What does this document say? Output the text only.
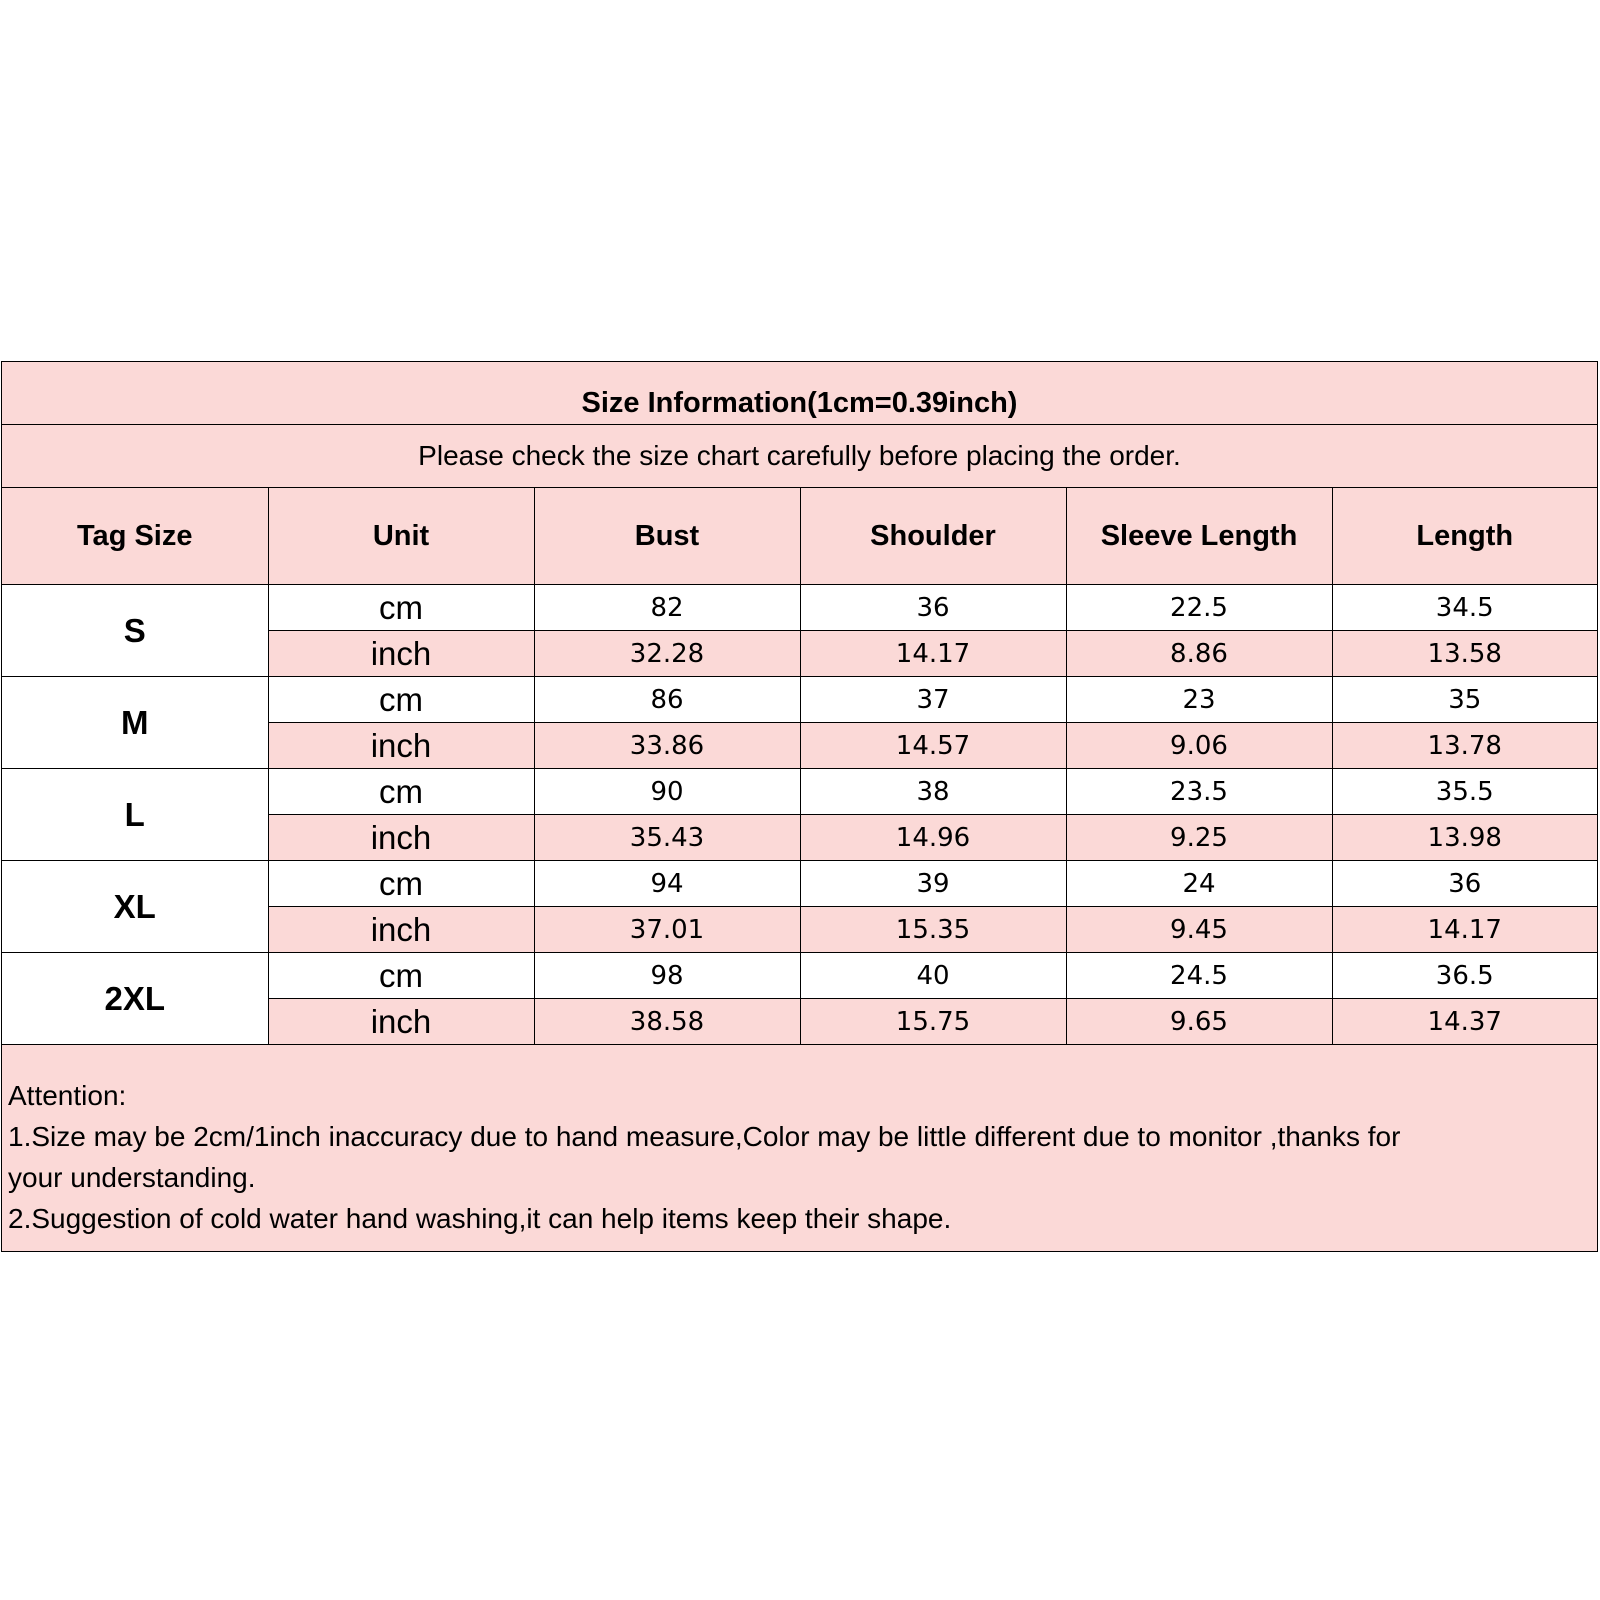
Size Information(1cm=0.39inch)
Please check the size chart carefully before placing the order.
Tag Size	Unit	Bust	Shoulder	Sleeve Length	Length
S	cm	82	36	22.5	34.5
	inch	32.28	14.17	8.86	13.58
M	cm	86	37	23	35
	inch	33.86	14.57	9.06	13.78
L	cm	90	38	23.5	35.5
	inch	35.43	14.96	9.25	13.98
XL	cm	94	39	24	36
	inch	37.01	15.35	9.45	14.17
2XL	cm	98	40	24.5	36.5
	inch	38.58	15.75	9.65	14.37
Attention:
1.Size may be 2cm/1inch inaccuracy due to hand measure,Color may be little different due to monitor ,thanks for
your understanding.
2.Suggestion of cold water hand washing,it can help items keep their shape.
